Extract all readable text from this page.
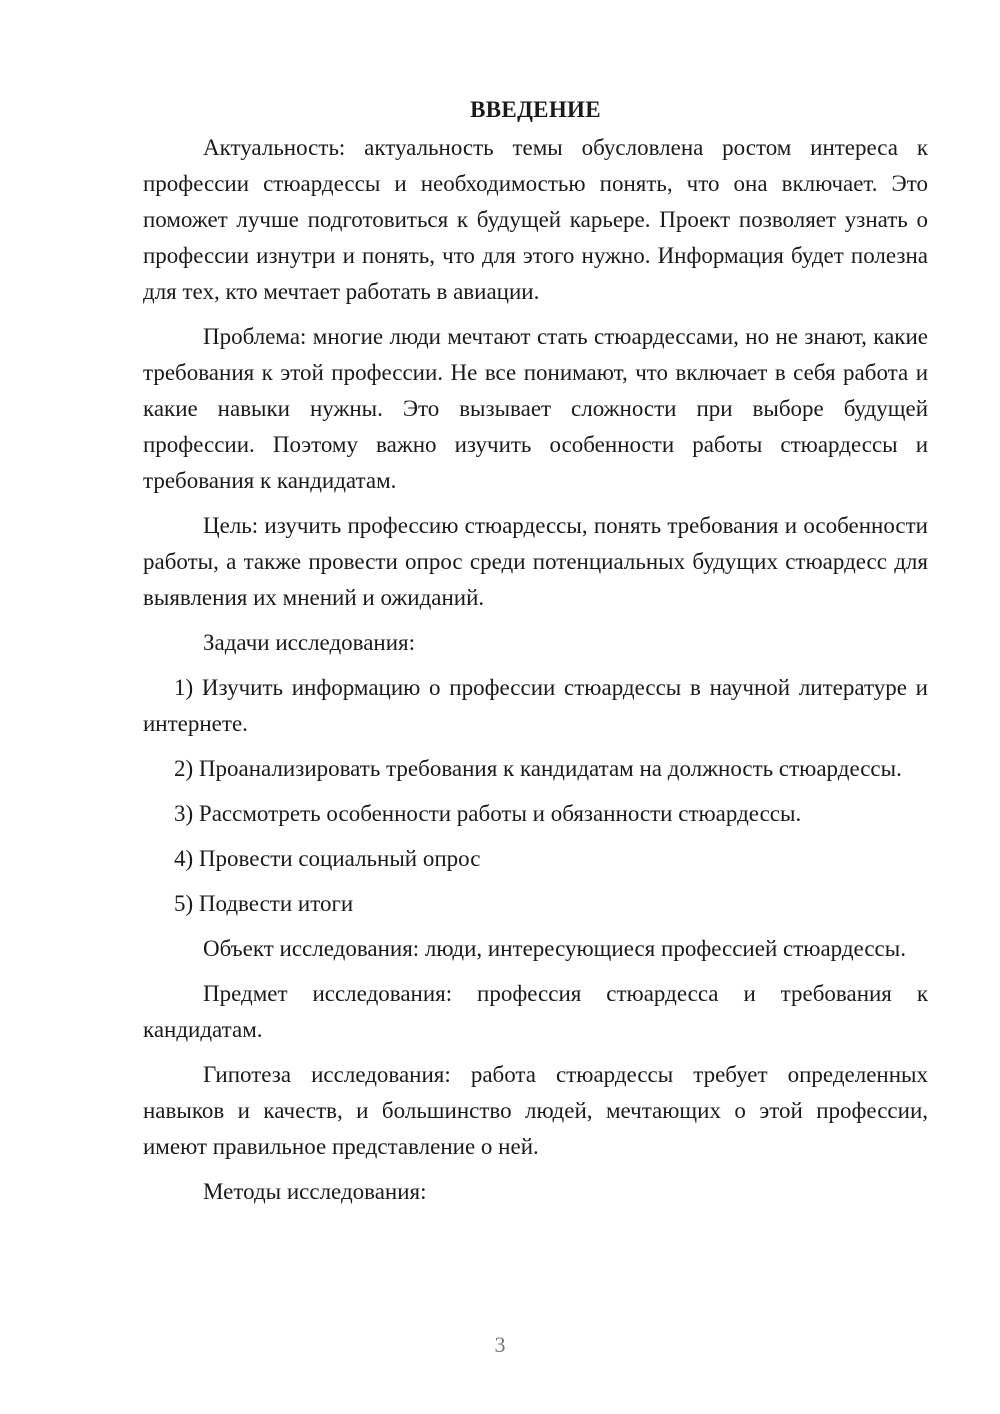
ВВЕДЕНИЕ

Актуальность: актуальность темы обусловлена ростом интереса к профессии стюардессы и необходимостью понять, что она включает. Это поможет лучше подготовиться к будущей карьере. Проект позволяет узнать о профессии изнутри и понять, что для этого нужно. Информация будет полезна для тех, кто мечтает работать в авиации.

Проблема: многие люди мечтают стать стюардессами, но не знают, какие требования к этой профессии. Не все понимают, что включает в себя работа и какие навыки нужны. Это вызывает сложности при выборе будущей профессии. Поэтому важно изучить особенности работы стюардессы и требования к кандидатам.

Цель: изучить профессию стюардессы, понять требования и особенности работы, а также провести опрос среди потенциальных будущих стюардесс для выявления их мнений и ожиданий.

Задачи исследования:

1) Изучить информацию о профессии стюардессы в научной литературе и интернете.

2) Проанализировать требования к кандидатам на должность стюардессы.

3) Рассмотреть особенности работы и обязанности стюардессы.

4) Провести социальный опрос

5) Подвести итоги

Объект исследования: люди, интересующиеся профессией стюардессы.

Предмет исследования: профессия стюардесса и требования к кандидатам.

Гипотеза исследования: работа стюардессы требует определенных навыков и качеств, и большинство людей, мечтающих о этой профессии, имеют правильное представление о ней.

Методы исследования:

3
